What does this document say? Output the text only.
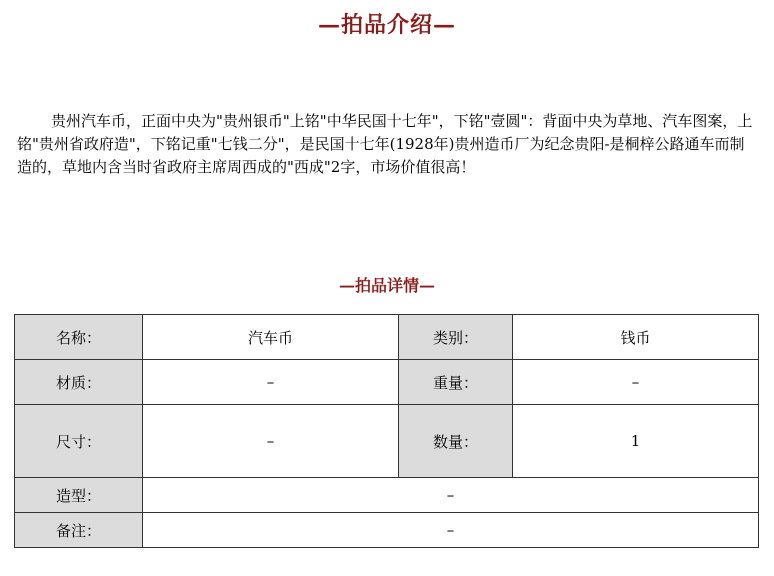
—拍品介绍—

贵州汽车币，正面中央为"贵州银币"上铭"中华民国十七年"，下铭"壹圆"：背面中央为草地、汽车图案，上铭"贵州省政府造"，下铭记重"七钱二分"，是民国十七年(1928年)贵州造币厂为纪念贵阳-是桐梓公路通车而制造的，草地内含当时省政府主席周西成的"西成"2字，市场价值很高！

—拍品详情—
名称：	汽车币	类别：	钱币
材质：	–	重量：	–
尺寸：	–	数量：	1
造型：	–		
备注：	–		
